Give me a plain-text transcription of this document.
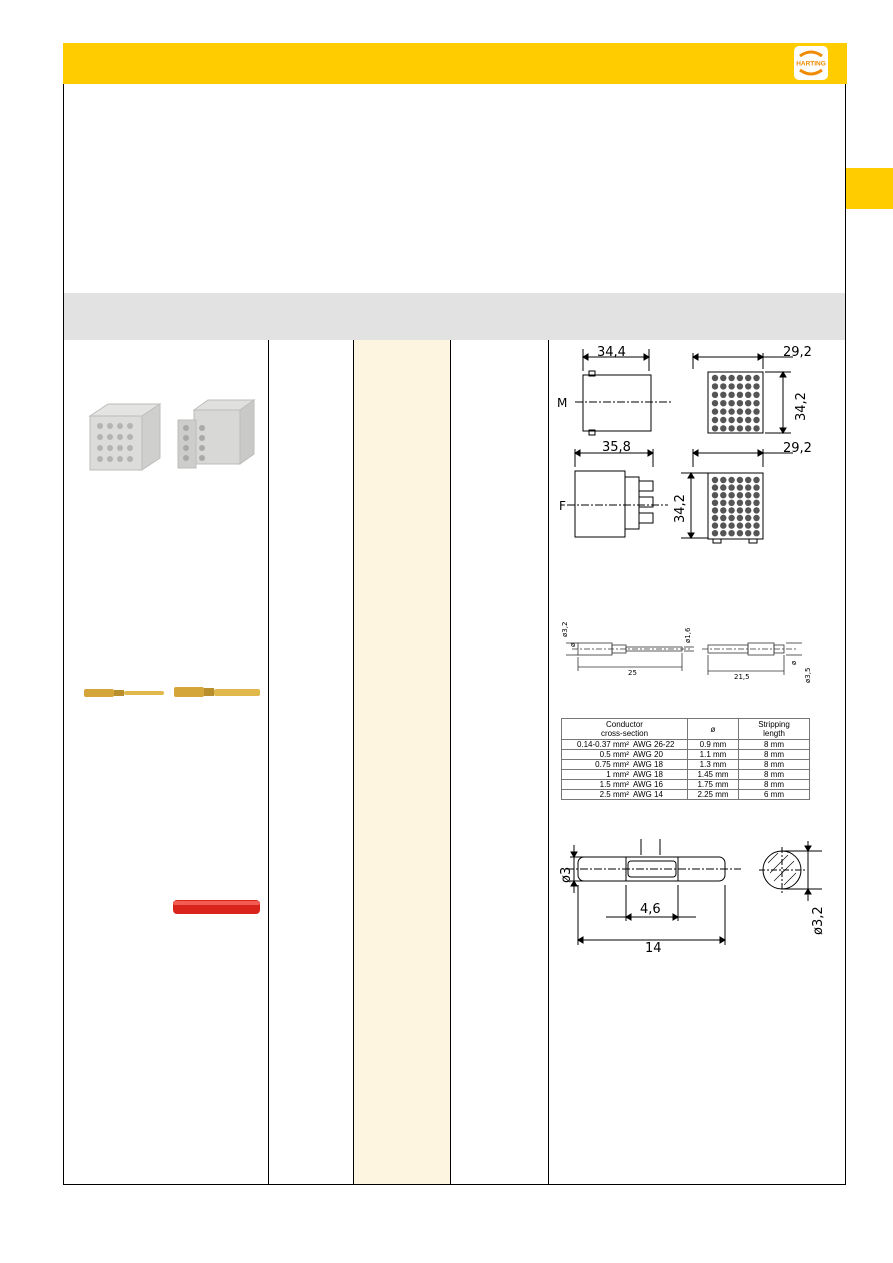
HARTING
M
F
34,4
35,8
29,2
29,2
34,2
34,2
ø3,2
ø
ø1,6
25	21,5
ø
ø3,5
Conductor
cross-section		ø	Stripping
length
0.14-0.37 mm²	AWG 26-22	0.9 mm	8 mm
0.5 mm²	AWG 20	1.1 mm	8 mm
0.75 mm²	AWG 18	1.3 mm	8 mm
1 mm²	AWG 18	1.45 mm	8 mm
1.5 mm²	AWG 16	1.75 mm	8 mm
2.5 mm²	AWG 14	2.25 mm	6 mm
ø3
4,6
14
ø3,2
